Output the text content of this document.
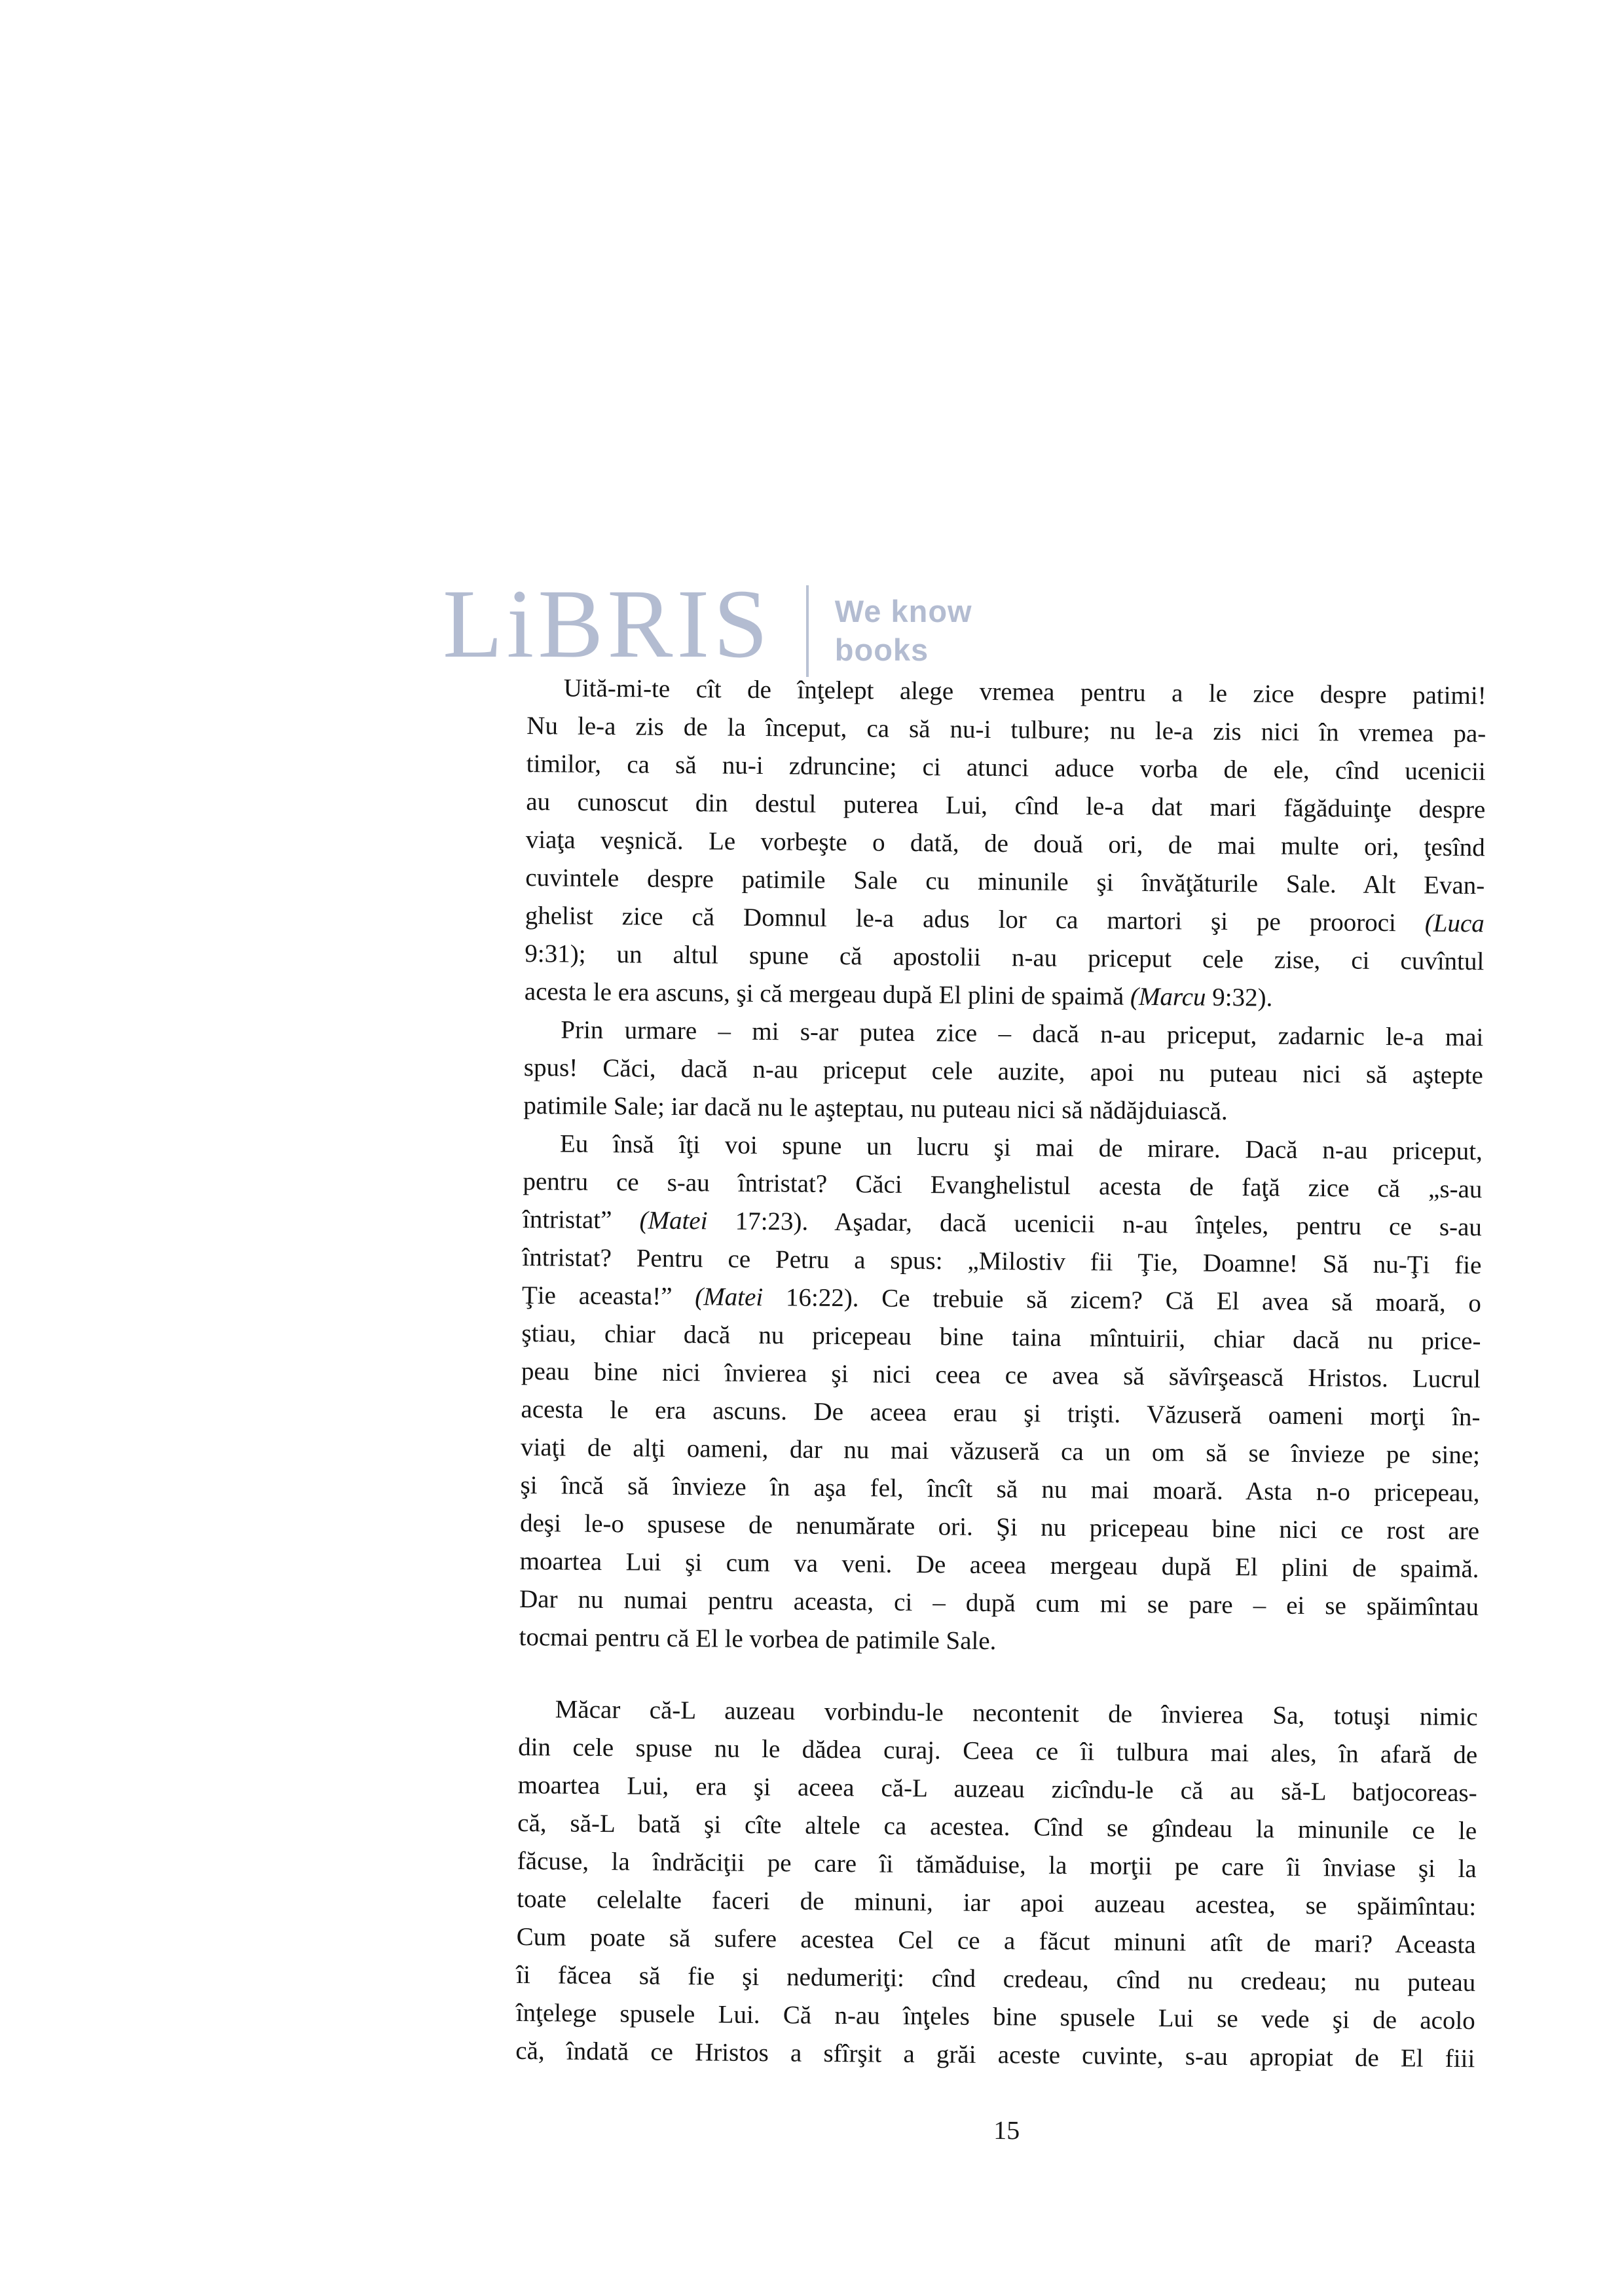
LiBRIS We know
books
Uită-mi-te cît de înţelept alege vremea pentru a le zice despre patimi!
Nu le-a zis de la început, ca să nu-i tulbure; nu le-a zis nici în vremea pa-
timilor, ca să nu-i zdruncine; ci atunci aduce vorba de ele, cînd ucenicii
au cunoscut din destul puterea Lui, cînd le-a dat mari făgăduinţe despre
viaţa veşnică. Le vorbeşte o dată, de două ori, de mai multe ori, ţesînd
cuvintele despre patimile Sale cu minunile şi învăţăturile Sale. Alt Evan-
ghelist zice că Domnul le-a adus lor ca martori şi pe prooroci (Luca
9:31); un altul spune că apostolii n-au priceput cele zise, ci cuvîntul
acesta le era ascuns, şi că mergeau după El plini de spaimă (Marcu 9:32).
Prin urmare – mi s-ar putea zice – dacă n-au priceput, zadarnic le-a mai
spus! Căci, dacă n-au priceput cele auzite, apoi nu puteau nici să aştepte
patimile Sale; iar dacă nu le aşteptau, nu puteau nici să nădăjduiască.
Eu însă îţi voi spune un lucru şi mai de mirare. Dacă n-au priceput,
pentru ce s-au întristat? Căci Evanghelistul acesta de faţă zice că „s-au
întristat” (Matei 17:23). Aşadar, dacă ucenicii n-au înţeles, pentru ce s-au
întristat? Pentru ce Petru a spus: „Milostiv fii Ţie, Doamne! Să nu-Ţi fie
Ţie aceasta!” (Matei 16:22). Ce trebuie să zicem? Că El avea să moară, o
ştiau, chiar dacă nu pricepeau bine taina mîntuirii, chiar dacă nu price-
peau bine nici învierea şi nici ceea ce avea să săvîrşească Hristos. Lucrul
acesta le era ascuns. De aceea erau şi trişti. Văzuseră oameni morţi în-
viaţi de alţi oameni, dar nu mai văzuseră ca un om să se învieze pe sine;
şi încă să învieze în aşa fel, încît să nu mai moară. Asta n-o pricepeau,
deşi le-o spusese de nenumărate ori. Şi nu pricepeau bine nici ce rost are
moartea Lui şi cum va veni. De aceea mergeau după El plini de spaimă.
Dar nu numai pentru aceasta, ci – după cum mi se pare – ei se spăimîntau
tocmai pentru că El le vorbea de patimile Sale.
Măcar că-L auzeau vorbindu-le necontenit de învierea Sa, totuşi nimic
din cele spuse nu le dădea curaj. Ceea ce îi tulbura mai ales, în afară de
moartea Lui, era şi aceea că-L auzeau zicîndu-le că au să-L batjocoreas-
că, să-L bată şi cîte altele ca acestea. Cînd se gîndeau la minunile ce le
făcuse, la îndrăciţii pe care îi tămăduise, la morţii pe care îi înviase şi la
toate celelalte faceri de minuni, iar apoi auzeau acestea, se spăimîntau:
Cum poate să sufere acestea Cel ce a făcut minuni atît de mari? Aceasta
îi făcea să fie şi nedumeriţi: cînd credeau, cînd nu credeau; nu puteau
înţelege spusele Lui. Că n-au înţeles bine spusele Lui se vede şi de acolo
că, îndată ce Hristos a sfîrşit a grăi aceste cuvinte, s-au apropiat de El fiii
15
